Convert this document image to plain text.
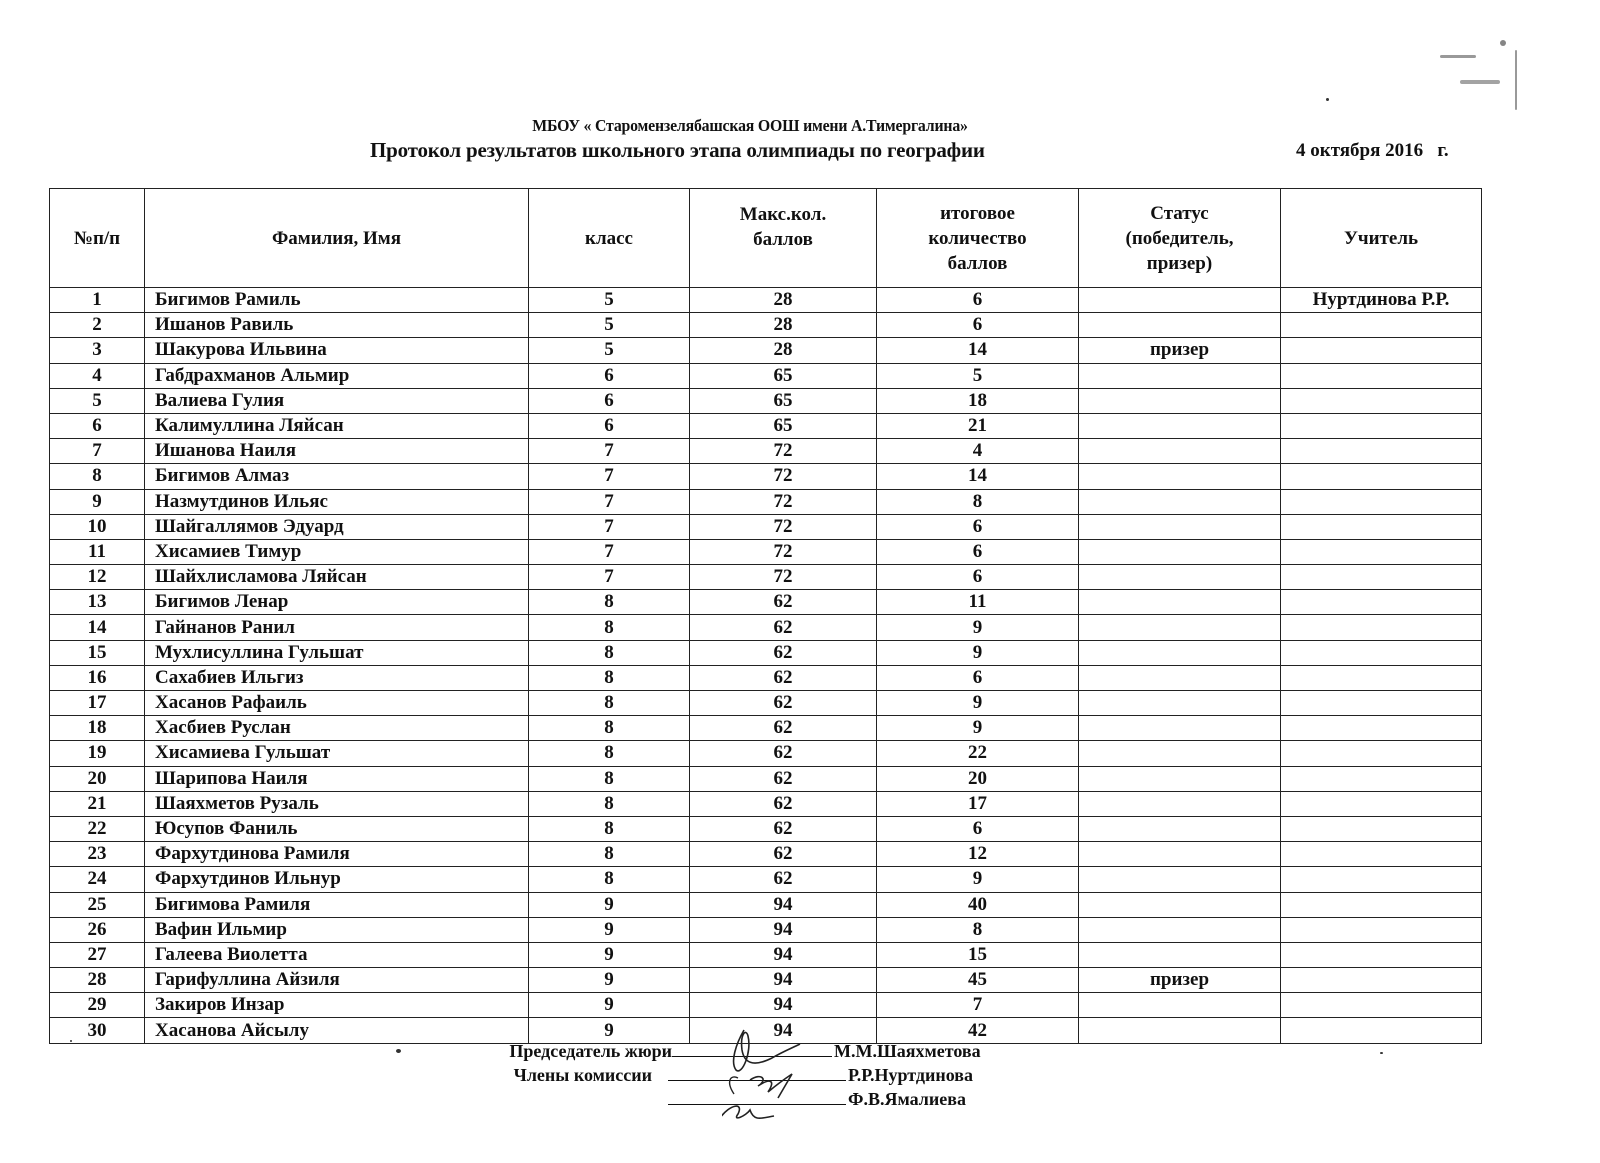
МБОУ « Старомензелябашская ООШ имени А.Тимергалина»
Протокол результатов школьного этапа олимпиады по географии	4 октября 2016   г.
№п/п	Фамилия, Имя	класс	Макс.кол. баллов	итоговое количество баллов	Статус (победитель, призер)	Учитель
1	Бигимов Рамиль	5	28	6		Нуртдинова Р.Р.
2	Ишанов Равиль	5	28	6		
3	Шакурова Ильвина	5	28	14	призер	
4	Габдрахманов Альмир	6	65	5		
5	Валиева Гулия	6	65	18		
6	Калимуллина Ляйсан	6	65	21		
7	Ишанова Наиля	7	72	4		
8	Бигимов Алмаз	7	72	14		
9	Назмутдинов Ильяс	7	72	8		
10	Шайгаллямов Эдуард	7	72	6		
11	Хисамиев Тимур	7	72	6		
12	Шайхлисламова Ляйсан	7	72	6		
13	Бигимов Ленар	8	62	11		
14	Гайнанов Ранил	8	62	9		
15	Мухлисуллина Гульшат	8	62	9		
16	Сахабиев Ильгиз	8	62	6		
17	Хасанов Рафаиль	8	62	9		
18	Хасбиев Руслан	8	62	9		
19	Хисамиева Гульшат	8	62	22		
20	Шарипова Наиля	8	62	20		
21	Шаяхметов Рузаль	8	62	17		
22	Юсупов Фаниль	8	62	6		
23	Фархутдинова Рамиля	8	62	12		
24	Фархутдинов Ильнур	8	62	9		
25	Бигимова Рамиля	9	94	40		
26	Вафин Ильмир	9	94	8		
27	Галеева Виолетта	9	94	15		
28	Гарифуллина Айзиля	9	94	45	призер	
29	Закиров Инзар	9	94	7		
30	Хасанова Айсылу	9	94	42		
Председатель жюри	М.М.Шаяхметова
Члены комиссии	Р.Р.Нуртдинова
Ф.В.Ямалиева
